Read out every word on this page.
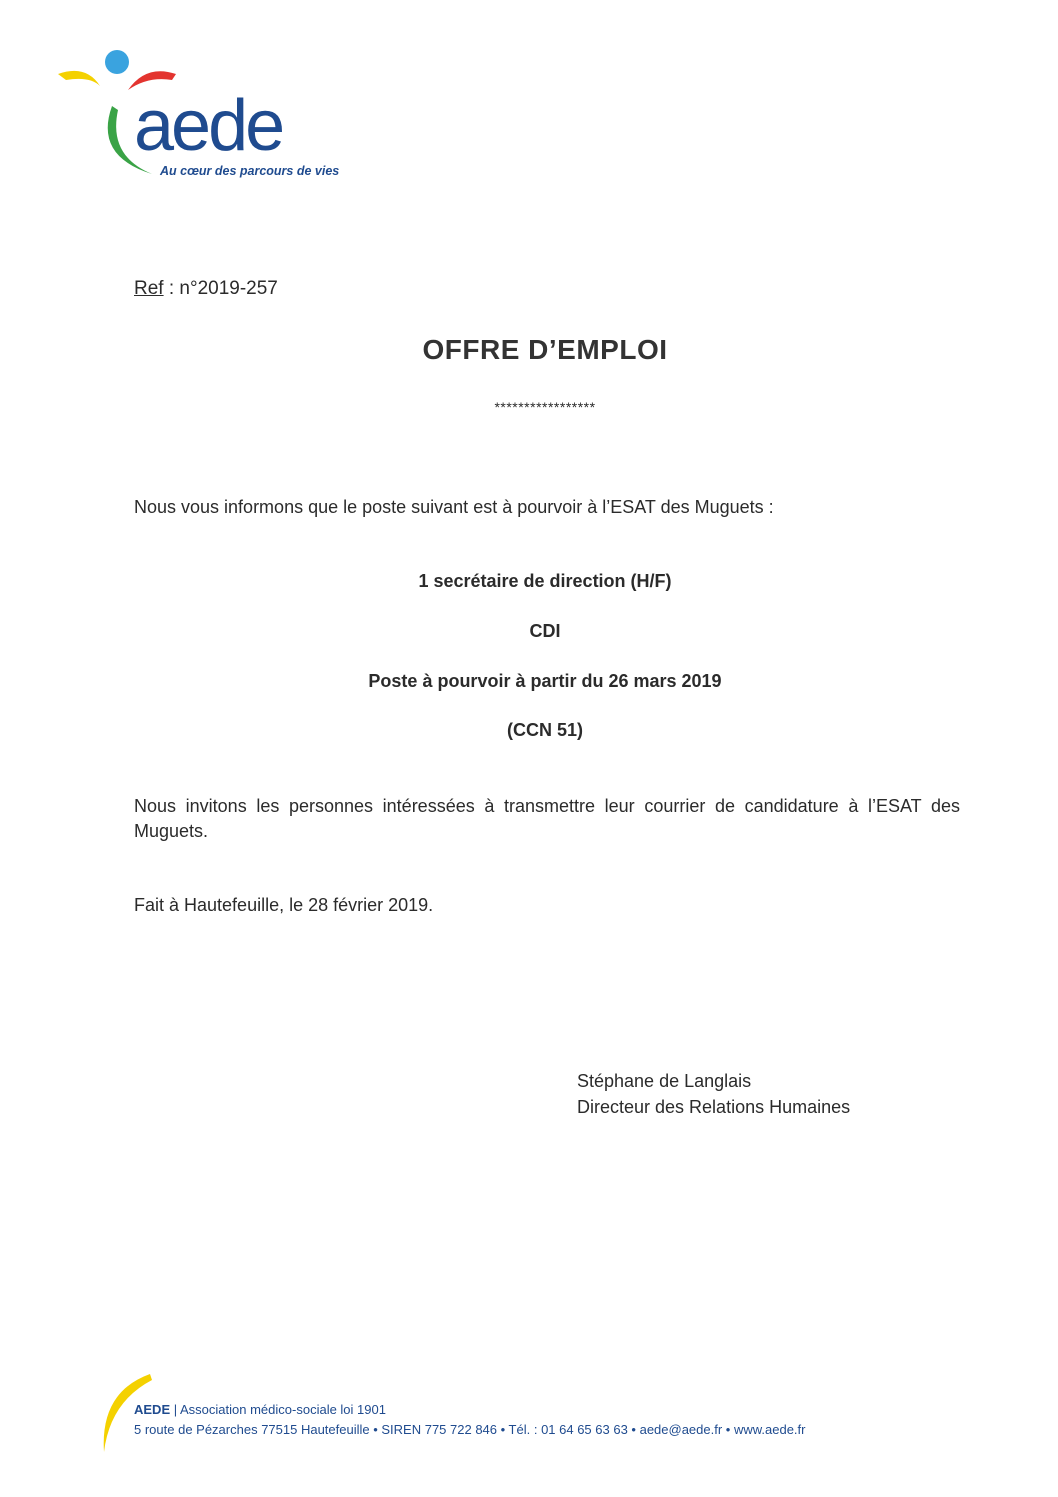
aede
Au cœur des parcours de vies
Ref : n°2019-257
OFFRE D’EMPLOI
*****************
Nous vous informons que le poste suivant est à pourvoir à l’ESAT des Muguets :
1 secrétaire de direction (H/F)
CDI
Poste à pourvoir à partir du 26 mars 2019
(CCN 51)
Nous invitons les personnes intéressées à transmettre leur courrier de candidature à l’ESAT des Muguets.
Fait à Hautefeuille, le 28 février 2019.
Stéphane de Langlais
Directeur des Relations Humaines
AEDE | Association médico-sociale loi 1901
5 route de Pézarches 77515 Hautefeuille • SIREN 775 722 846 • Tél. : 01 64 65 63 63 • aede@aede.fr • www.aede.fr
